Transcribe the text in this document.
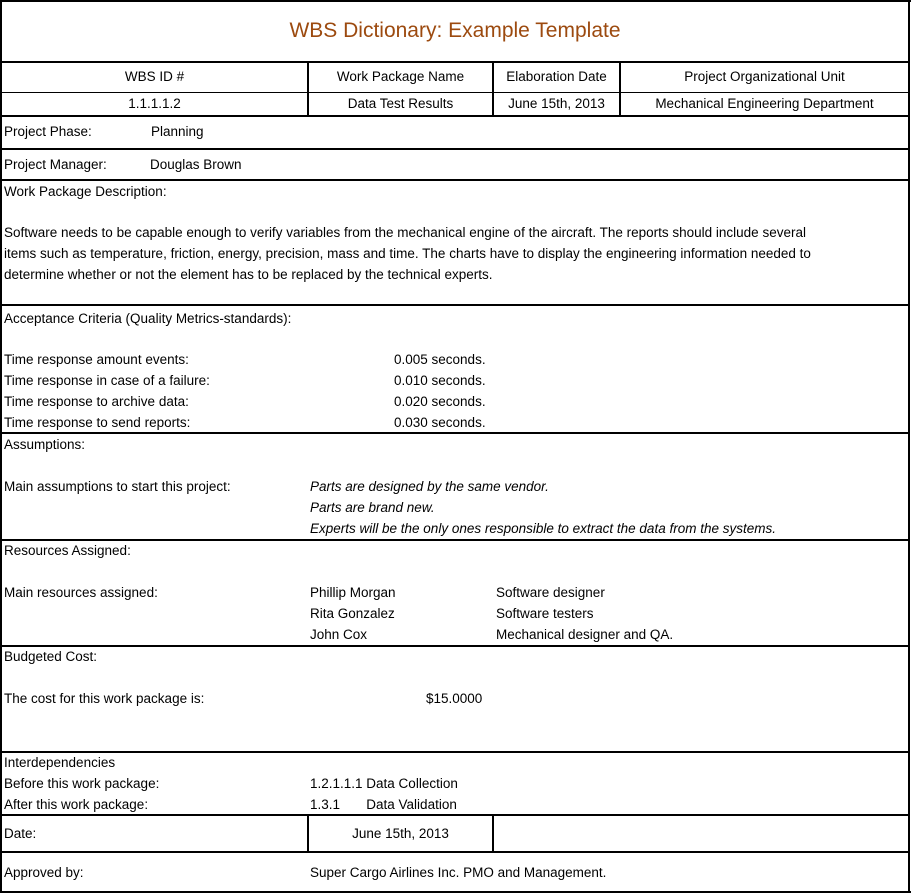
WBS Dictionary: Example Template
WBS ID #	Work Package Name	Elaboration Date	Project Organizational Unit
1.1.1.1.2	Data Test Results	June 15th, 2013	Mechanical Engineering Department
Project Phase:	Planning
Project Manager:	Douglas Brown
Work Package Description:
Software needs to be capable enough to verify variables from the mechanical engine of the aircraft. The reports should include several
items such as temperature, friction, energy, precision, mass and time. The charts have to display the engineering information needed to
determine whether or not the element has to be replaced by the technical experts.
Acceptance Criteria (Quality Metrics-standards):
Time response amount events:	0.005 seconds.
Time response in case of a failure:	0.010 seconds.
Time response to archive data:	0.020 seconds.
Time response to send reports:	0.030 seconds.
Assumptions:
Main assumptions to start this project:	Parts are designed by the same vendor.
Parts are brand new.
Experts will be the only ones responsible to extract the data from the systems.
Resources Assigned:
Main resources assigned:	Phillip Morgan	Software designer
Rita Gonzalez	Software testers
John Cox	Mechanical designer and QA.
Budgeted Cost:
The cost for this work package is:	$15.0000
Interdependencies
Before this work package:	1.2.1.1.1 Data Collection
After this work package:	1.3.1       Data Validation
Date:	June 15th, 2013
Approved by:	Super Cargo Airlines Inc. PMO and Management.
